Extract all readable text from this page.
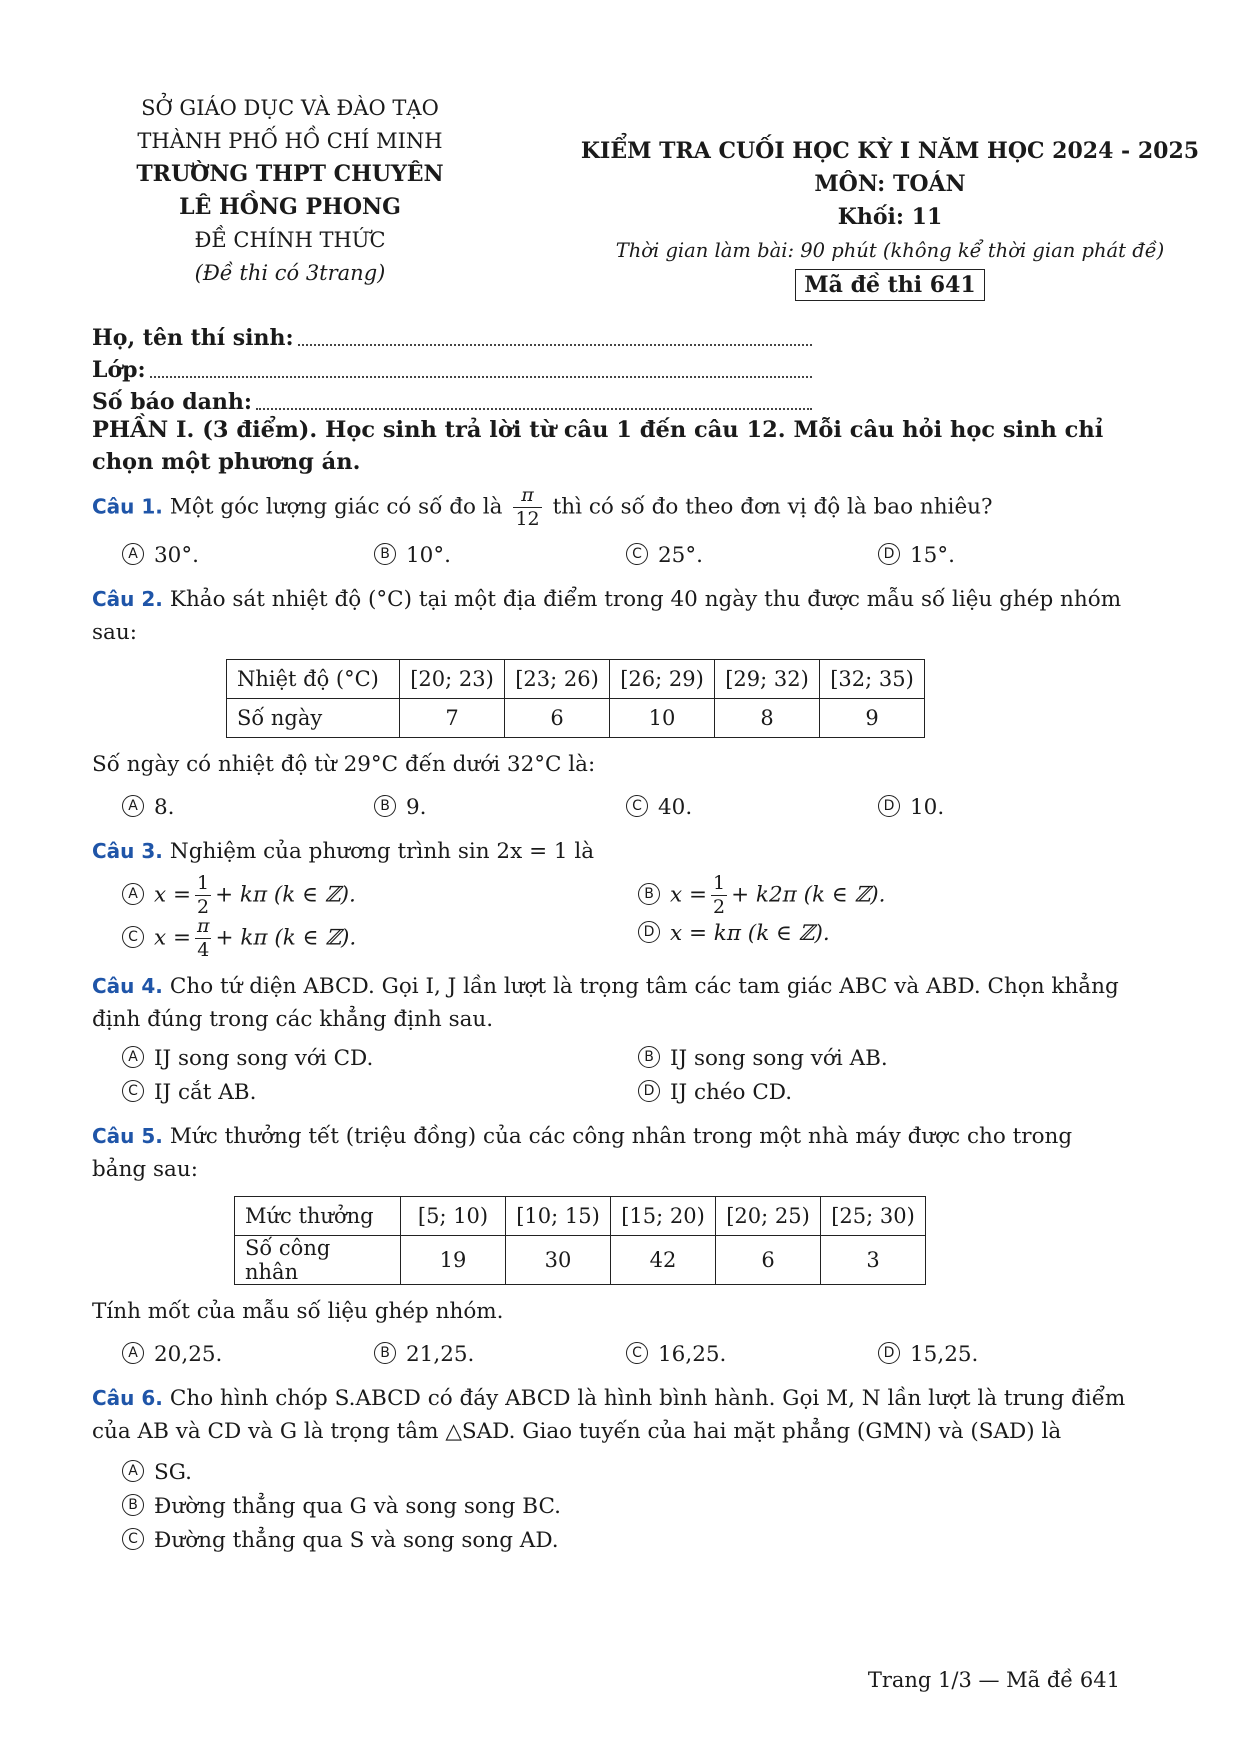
SỞ GIÁO DỤC VÀ ĐÀO TẠO
THÀNH PHỐ HỒ CHÍ MINH
TRƯỜNG THPT CHUYÊN
LÊ HỒNG PHONG
ĐỀ CHÍNH THỨC
(Đề thi có 3trang)
KIỂM TRA CUỐI HỌC KỲ I NĂM HỌC 2024 - 2025
MÔN: TOÁN
Khối: 11
Thời gian làm bài: 90 phút (không kể thời gian phát đề)
Mã đề thi 641
Họ, tên thí sinh:
Lớp:
Số báo danh:
PHẦN I. (3 điểm). Học sinh trả lời từ câu 1 đến câu 12. Mỗi câu hỏi học sinh chỉ chọn một phương án.
Câu 1. Một góc lượng giác có số đo là $\frac{\pi}{12}$ thì có số đo theo đơn vị độ là bao nhiêu?
A 30°.	B 10°.	C 25°.	D 15°.
Câu 2. Khảo sát nhiệt độ (°C) tại một địa điểm trong 40 ngày thu được mẫu số liệu ghép nhóm sau:
Nhiệt độ (°C)	[20; 23)	[23; 26)	[26; 29)	[29; 32)	[32; 35)
Số ngày	7	6	10	8	9
Số ngày có nhiệt độ từ 29°C đến dưới 32°C là:
A 8.	B 9.	C 40.	D 10.
Câu 3. Nghiệm của phương trình sin 2x = 1 là
A $x = \frac{1}{2} + k\pi$ (k ∈ ℤ).	B $x = \frac{1}{2} + k2\pi$ (k ∈ ℤ).
C $x = \frac{\pi}{4} + k\pi$ (k ∈ ℤ).	D x = kπ (k ∈ ℤ).
Câu 4. Cho tứ diện ABCD. Gọi I, J lần lượt là trọng tâm các tam giác ABC và ABD. Chọn khẳng định đúng trong các khẳng định sau.
A IJ song song với CD.	B IJ song song với AB.
C IJ cắt AB.	D IJ chéo CD.
Câu 5. Mức thưởng tết (triệu đồng) của các công nhân trong một nhà máy được cho trong bảng sau:
Mức thưởng	[5; 10)	[10; 15)	[15; 20)	[20; 25)	[25; 30)
Số công nhân	19	30	42	6	3
Tính mốt của mẫu số liệu ghép nhóm.
A 20,25.	B 21,25.	C 16,25.	D 15,25.
Câu 6. Cho hình chóp S.ABCD có đáy ABCD là hình bình hành. Gọi M, N lần lượt là trung điểm của AB và CD và G là trọng tâm △SAD. Giao tuyến của hai mặt phẳng (GMN) và (SAD) là
A SG.
B Đường thẳng qua G và song song BC.
C Đường thẳng qua S và song song AD.
Trang 1/3 — Mã đề 641
